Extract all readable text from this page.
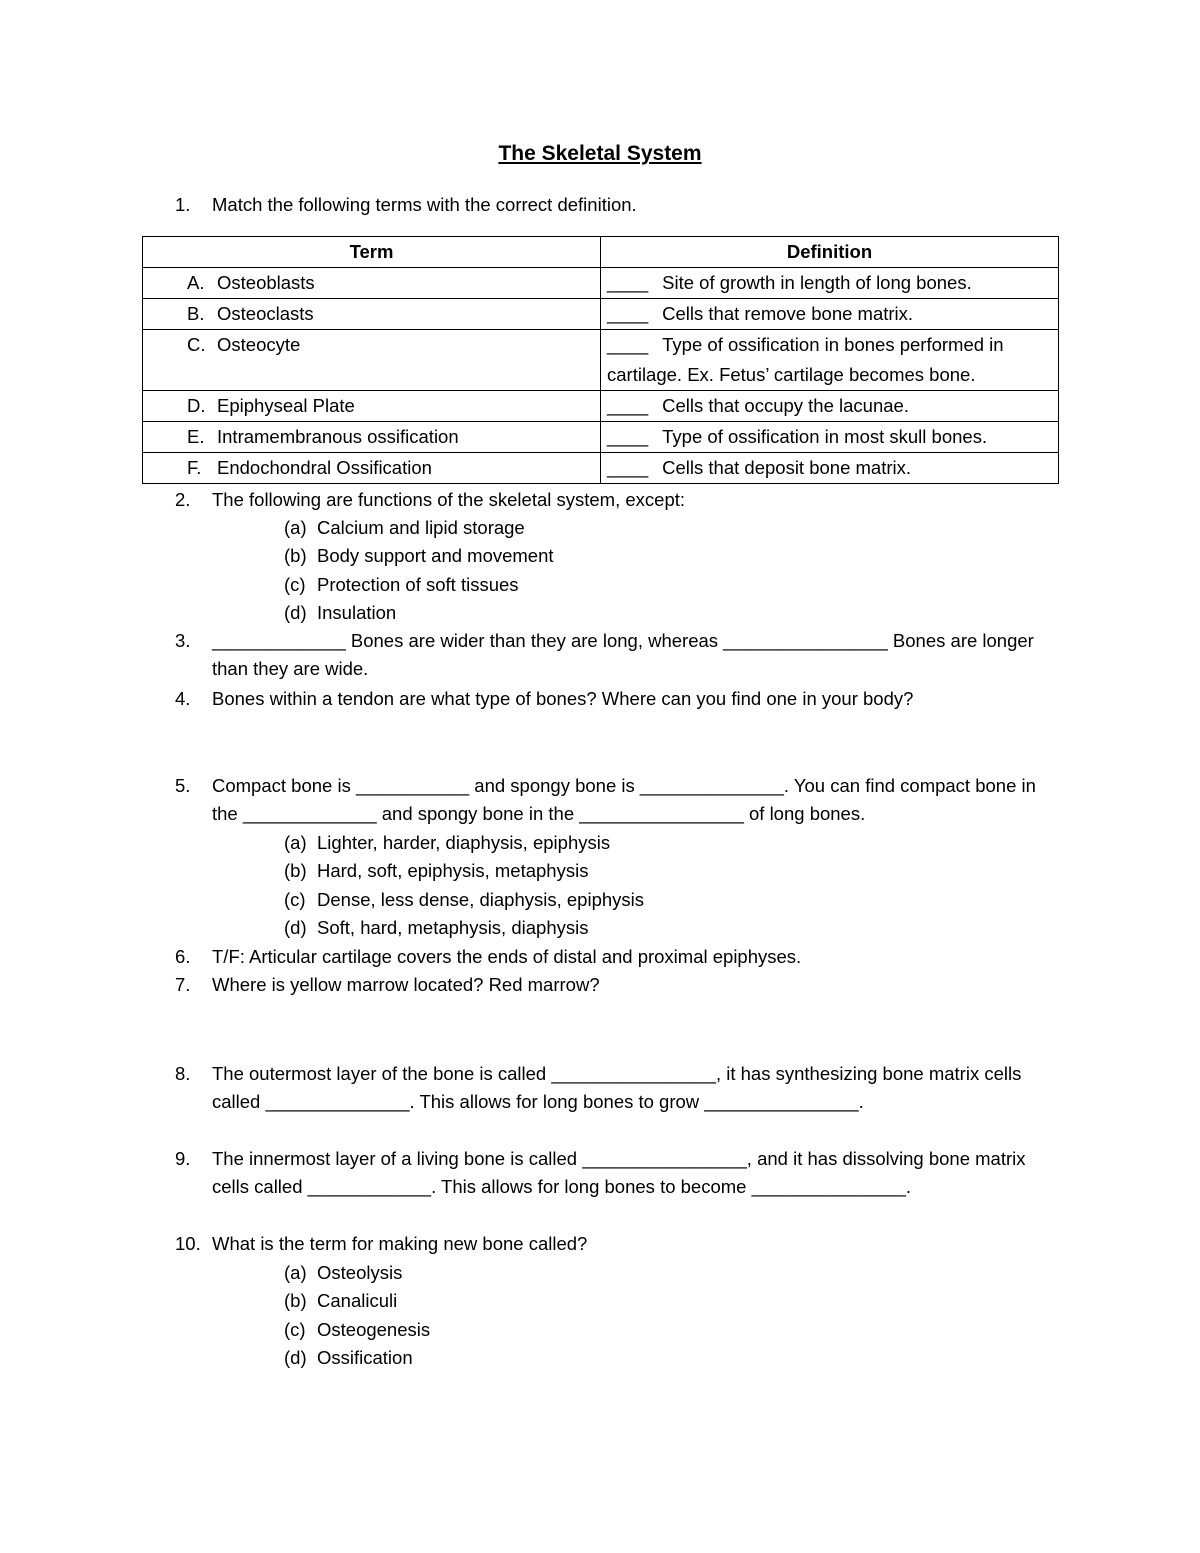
The Skeletal System
1. Match the following terms with the correct definition.
Term	Definition
A. Osteoblasts	____ Site of growth in length of long bones.
B. Osteoclasts	____ Cells that remove bone matrix.
C. Osteocyte	____ Type of ossification in bones performed in cartilage. Ex. Fetus’ cartilage becomes bone.
D. Epiphyseal Plate	____ Cells that occupy the lacunae.
E. Intramembranous ossification	____ Type of ossification in most skull bones.
F. Endochondral Ossification	____ Cells that deposit bone matrix.
2. The following are functions of the skeletal system, except:
(a) Calcium and lipid storage
(b) Body support and movement
(c) Protection of soft tissues
(d) Insulation
3. _____________ Bones are wider than they are long, whereas ________________ Bones are longer than they are wide.
4. Bones within a tendon are what type of bones? Where can you find one in your body?
5. Compact bone is ___________ and spongy bone is ______________. You can find compact bone in the _____________ and spongy bone in the ________________ of long bones.
(a) Lighter, harder, diaphysis, epiphysis
(b) Hard, soft, epiphysis, metaphysis
(c) Dense, less dense, diaphysis, epiphysis
(d) Soft, hard, metaphysis, diaphysis
6. T/F: Articular cartilage covers the ends of distal and proximal epiphyses.
7. Where is yellow marrow located? Red marrow?
8. The outermost layer of the bone is called ________________, it has synthesizing bone matrix cells called ______________. This allows for long bones to grow _______________.
9. The innermost layer of a living bone is called ________________, and it has dissolving bone matrix cells called ____________. This allows for long bones to become _______________.
10. What is the term for making new bone called?
(a) Osteolysis
(b) Canaliculi
(c) Osteogenesis
(d) Ossification
